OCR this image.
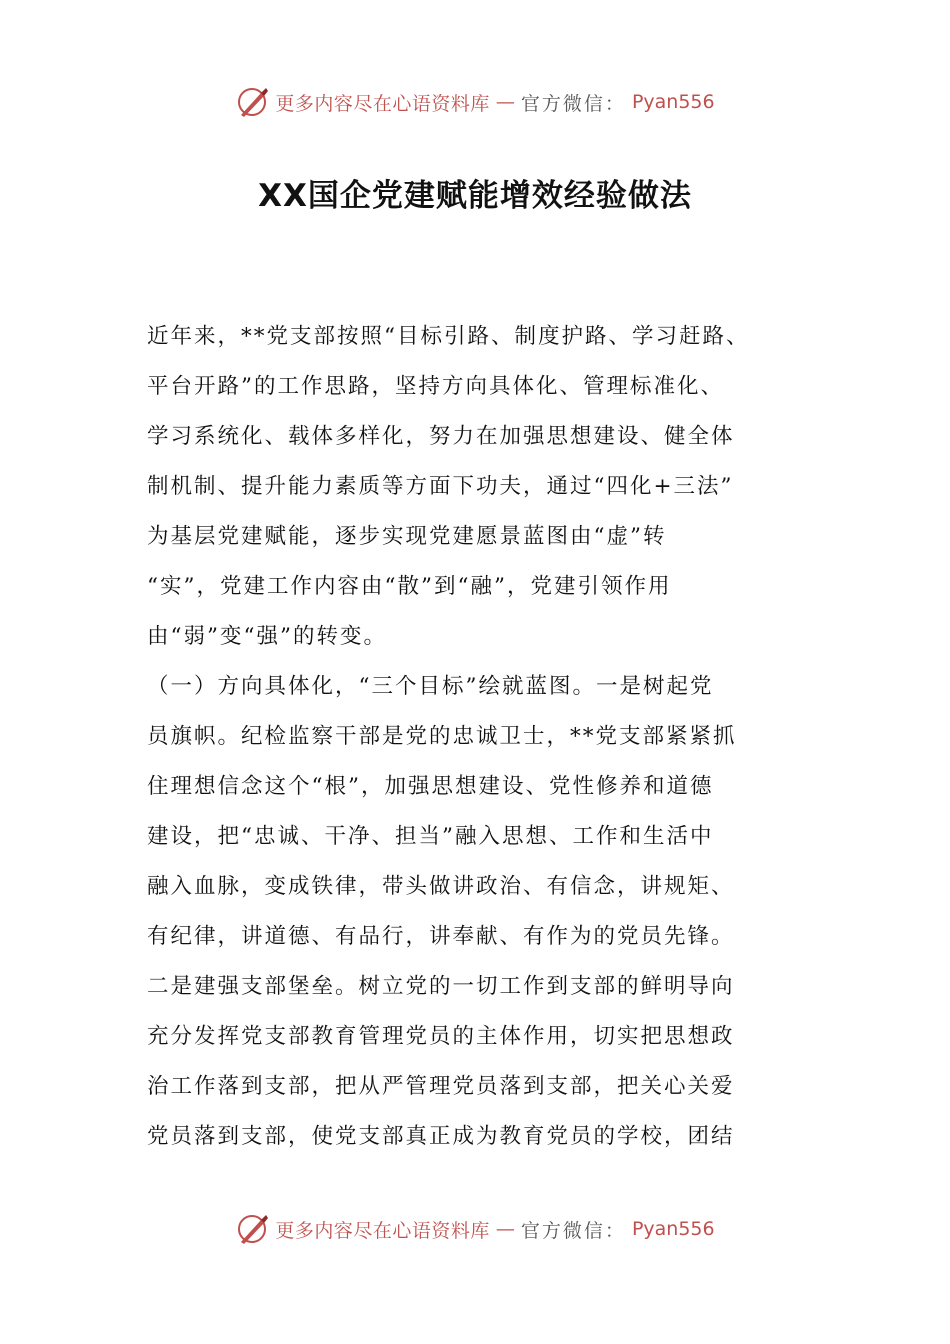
更多内容尽在心语资料库 — 官方微信： Pyan556
XX国企党建赋能增效经验做法
近年来，**党支部按照“目标引路、制度护路、学习赶路、
平台开路”的工作思路，坚持方向具体化、管理标准化、
学习系统化、载体多样化，努力在加强思想建设、健全体
制机制、提升能力素质等方面下功夫，通过“四化+三法”
为基层党建赋能，逐步实现党建愿景蓝图由“虚”转
“实”，党建工作内容由“散”到“融”，党建引领作用
由“弱”变“强”的转变。
（一）方向具体化，“三个目标”绘就蓝图。一是树起党
员旗帜。纪检监察干部是党的忠诚卫士，**党支部紧紧抓
住理想信念这个“根”，加强思想建设、党性修养和道德
建设，把“忠诚、干净、担当”融入思想、工作和生活中
融入血脉，变成铁律，带头做讲政治、有信念，讲规矩、
有纪律，讲道德、有品行，讲奉献、有作为的党员先锋。
二是建强支部堡垒。树立党的一切工作到支部的鲜明导向
充分发挥党支部教育管理党员的主体作用，切实把思想政
治工作落到支部，把从严管理党员落到支部，把关心关爱
党员落到支部，使党支部真正成为教育党员的学校，团结
更多内容尽在心语资料库 — 官方微信： Pyan556
